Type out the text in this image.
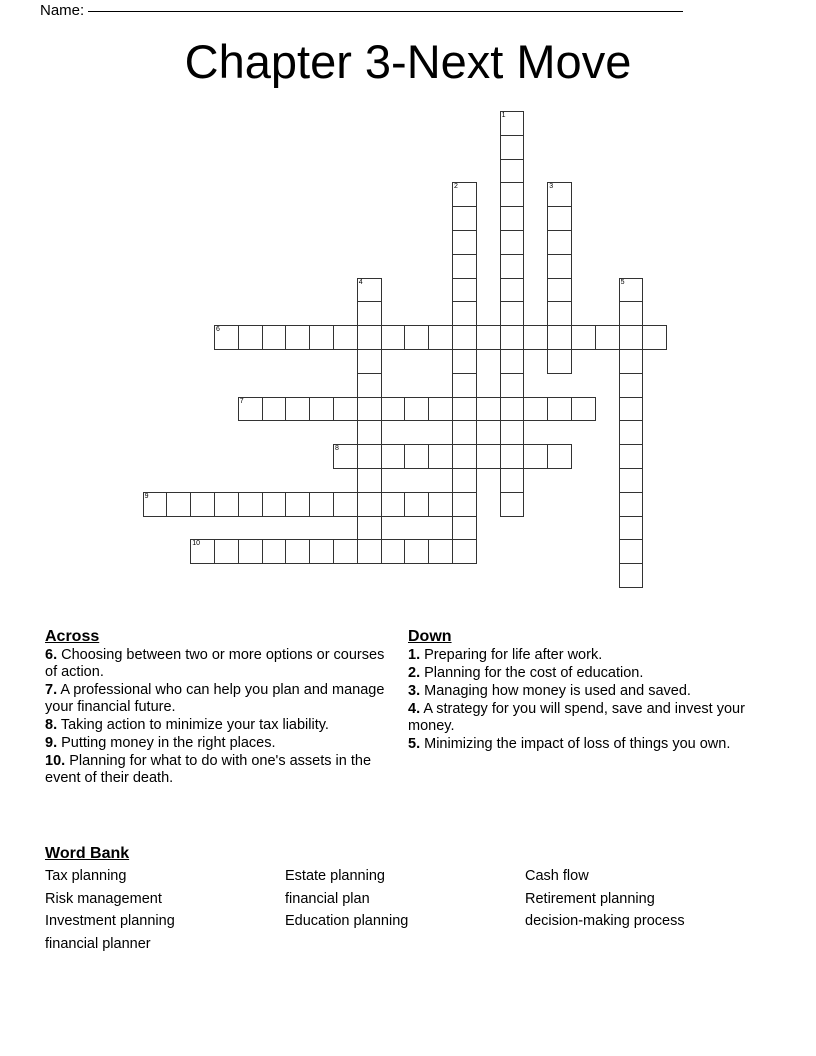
Name:
Chapter 3-Next Move
1
2	3
4	5
6
7
8
9
10
Across
6. Choosing between two or more options or courses of action.
7. A professional who can help you plan and manage your financial future.
8. Taking action to minimize your tax liability.
9. Putting money in the right places.
10. Planning for what to do with one's assets in the event of their death.
Down
1. Preparing for life after work.
2. Planning for the cost of education.
3. Managing how money is used and saved.
4. A strategy for you will spend, save and invest your money.
5. Minimizing the impact of loss of things you own.
Word Bank
Tax planning	Estate planning	Cash flow
Risk management	financial plan	Retirement planning
Investment planning	Education planning	decision-making process
financial planner
